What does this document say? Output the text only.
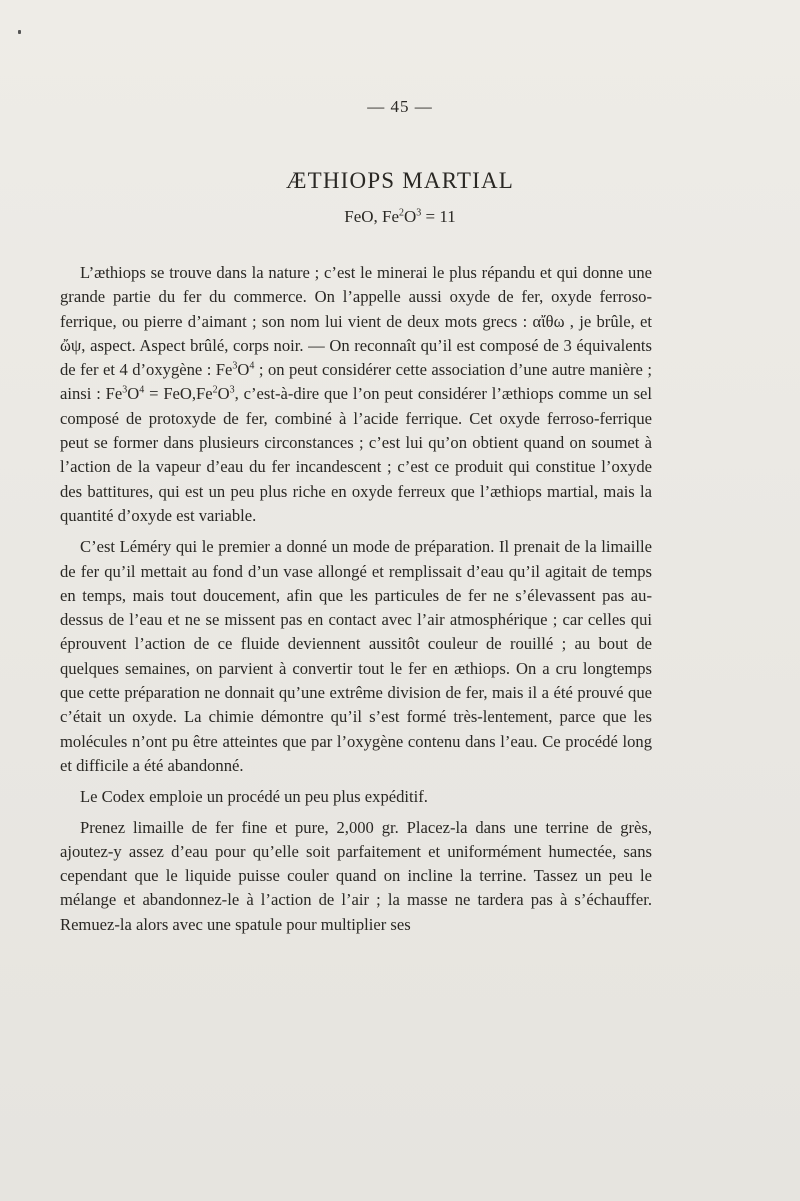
— 45 —
ÆTHIOPS MARTIAL
FeO, $Fe^2O^3 = 11$

L’æthiops se trouve dans la nature ; c’est le minerai le plus répandu et qui donne une grande partie du fer du commerce. On l’appelle aussi oxyde de fer, oxyde ferroso-ferrique, ou pierre d’aimant ; son nom lui vient de deux mots grecs : αἴθω , je brûle, et ὤψ, aspect. Aspect brûlé, corps noir. — On reconnaît qu’il est composé de 3 équivalents de fer et 4 d’oxygène : $Fe^3O^4$ ; on peut considérer cette association d’une autre manière ; ainsi : $Fe^3O^4 = FeO,Fe^2O^3$, c’est-à-dire que l’on peut considérer l’æthiops comme un sel composé de protoxyde de fer, combiné à l’acide ferrique. Cet oxyde ferroso-ferrique peut se former dans plusieurs circonstances ; c’est lui qu’on obtient quand on soumet à l’action de la vapeur d’eau du fer incandescent ; c’est ce produit qui constitue l’oxyde des battitures, qui est un peu plus riche en oxyde ferreux que l’æthiops martial, mais la quantité d’oxyde est variable.

C’est Léméry qui le premier a donné un mode de préparation. Il prenait de la limaille de fer qu’il mettait au fond d’un vase allongé et remplissait d’eau qu’il agitait de temps en temps, mais tout doucement, afin que les particules de fer ne s’élevassent pas au-dessus de l’eau et ne se missent pas en contact avec l’air atmosphérique ; car celles qui éprouvent l’action de ce fluide deviennent aussitôt couleur de rouillé ; au bout de quelques semaines, on parvient à convertir tout le fer en æthiops. On a cru longtemps que cette préparation ne donnait qu’une extrême division de fer, mais il a été prouvé que c’était un oxyde. La chimie démontre qu’il s’est formé très-lentement, parce que les molécules n’ont pu être atteintes que par l’oxygène contenu dans l’eau. Ce procédé long et difficile a été abandonné.

Le Codex emploie un procédé un peu plus expéditif.

Prenez limaille de fer fine et pure, 2,000 gr. Placez-la dans une terrine de grès, ajoutez-y assez d’eau pour qu’elle soit parfaitement et uniformément humectée, sans cependant que le liquide puisse couler quand on incline la terrine. Tassez un peu le mélange et abandonnez-le à l’action de l’air ; la masse ne tardera pas à s’échauffer. Remuez-la alors avec une spatule pour multiplier ses
